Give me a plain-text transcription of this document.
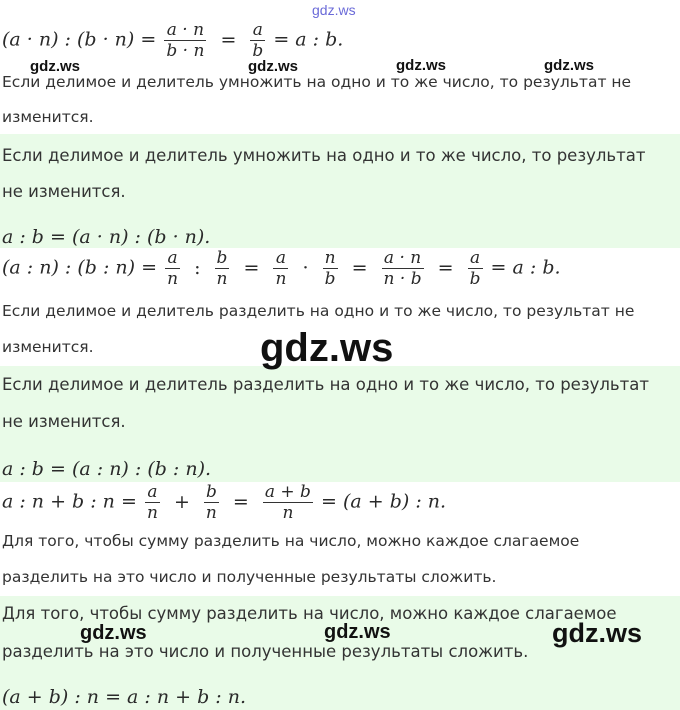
gdz.ws
(a · n) : $(b \cdot n) = \frac{a \cdot n}{b \cdot n} = \frac{a}{b} = a$ : b.
gdz.ws	gdz.ws	gdz.ws	gdz.ws
Если делимое и делитель умножить на одно и то же число, то результат не
изменится.
Если делимое и делитель умножить на одно и то же число, то результат
не изменится.
a : b = (a · n) : (b · n).
(a : n) : (b : $n) = \frac{a}{n}$ : $\frac{b}{n} = \frac{a}{n} \cdot \frac{n}{b} = \frac{a \cdot n}{n \cdot b} = \frac{a}{b} = a$ : b.
Если делимое и делитель разделить на одно и то же число, то результат не
изменится.	gdz.ws
Если делимое и делитель разделить на одно и то же число, то результат
не изменится.
a : b = (a : n) : (b : n).
a : n + b : $n = \frac{a}{n} + \frac{b}{n} = \frac{a + b}{n} = (a + b)$ : n.
Для того, чтобы сумму разделить на число, можно каждое слагаемое
разделить на это число и полученные результаты сложить.
Для того, чтобы сумму разделить на число, можно каждое слагаемое
разделить на это число и полученные результаты сложить.
gdz.ws	gdz.ws	gdz.ws
(a + b) : n = a : n + b : n.
